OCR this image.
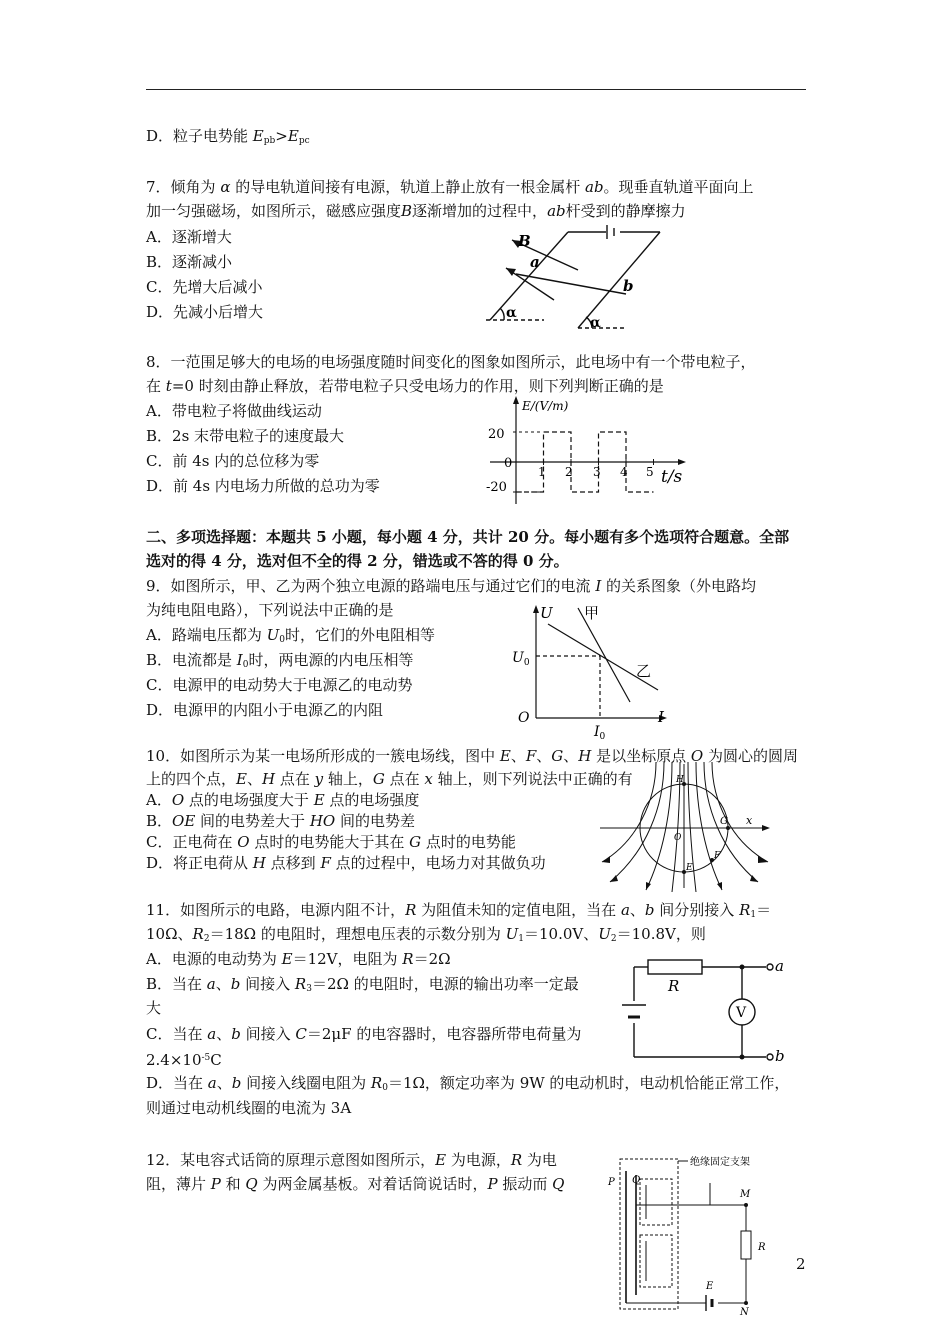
D．粒子电势能 $E_{pb}>E_{pc}$
7．倾角为 α 的导电轨道间接有电源，轨道上静止放有一根金属杆 ab。现垂直轨道平面向上
加一匀强磁场，如图所示，磁感应强度B逐渐增加的过程中，ab杆受到的静摩擦力
A．逐渐增大
B．逐渐减小
C．先增大后减小
D．先减小后增大
B
a
b
α
α
8．一范围足够大的电场的电场强度随时间变化的图象如图所示，此电场中有一个带电粒子，
在 t=0 时刻由静止释放，若带电粒子只受电场力的作用，则下列判断正确的是
A．带电粒子将做曲线运动
B．2s 末带电粒子的速度最大
C．前 4s 内的总位移为零
D．前 4s 内电场力所做的总功为零
E/(V/m)
t/s
20
0
-20
1 2 3 4 5
二、多项选择题：本题共 5 小题，每小题 4 分，共计 20 分。每小题有多个选项符合题意。全部
选对的得 4 分，选对但不全的得 2 分，错选或不答的得 0 分。
9．如图所示，甲、乙为两个独立电源的路端电压与通过它们的电流 I 的关系图象（外电路均
为纯电阻电路），下列说法中正确的是
A．路端电压都为 $U_0$时，它们的外电阻相等
B．电流都是 $I_0$时，两电源的内电压相等
C．电源甲的电动势大于电源乙的电动势
D．电源甲的内阻小于电源乙的内阻
U 甲
乙
$U_0$
O
$I_0$
I
10．如图所示为某一电场所形成的一簇电场线，图中 E、F、G、H 是以坐标原点 O 为圆心的圆周
上的四个点，E、H 点在 y 轴上，G 点在 x 轴上，则下列说法中正确的有
A．O 点的电场强度大于 E 点的电场强度
B．OE 间的电势差大于 HO 间的电势差
C．正电荷在 O 点时的电势能大于其在 G 点时的电势能
D．将正电荷从 H 点移到 F 点的过程中，电场力对其做负功
H
O
G x
E
F
11．如图所示的电路，电源内阻不计，R 为阻值未知的定值电阻，当在 a、b 间分别接入 $R_1=$
10Ω、$R_2=18\Omega$ 的电阻时，理想电压表的示数分别为 $U_1=10.0V$、$U_2=10.8V$，则
A．电源的电动势为 E＝12V，电阻为 R＝2Ω
B．当在 a、b 间接入 $R_3=2\Omega$ 的电阻时，电源的输出功率一定最
大
C．当在 a、b 间接入 C＝2μF 的电容器时，电容器所带电荷量为
$2.4\times 10^{-5}C$
D．当在 a、b 间接入线圈电阻为 $R_0=1\Omega$，额定功率为 9W 的电动机时，电动机恰能正常工作，
则通过电动机线圈的电流为 3A
R
V
a
b
12．某电容式话筒的原理示意图如图所示，E 为电源，R 为电
阻，薄片 P 和 Q 为两金属基板。对着话筒说话时，P 振动而 Q
绝缘固定支架
P Q
M
R
E
N
2
